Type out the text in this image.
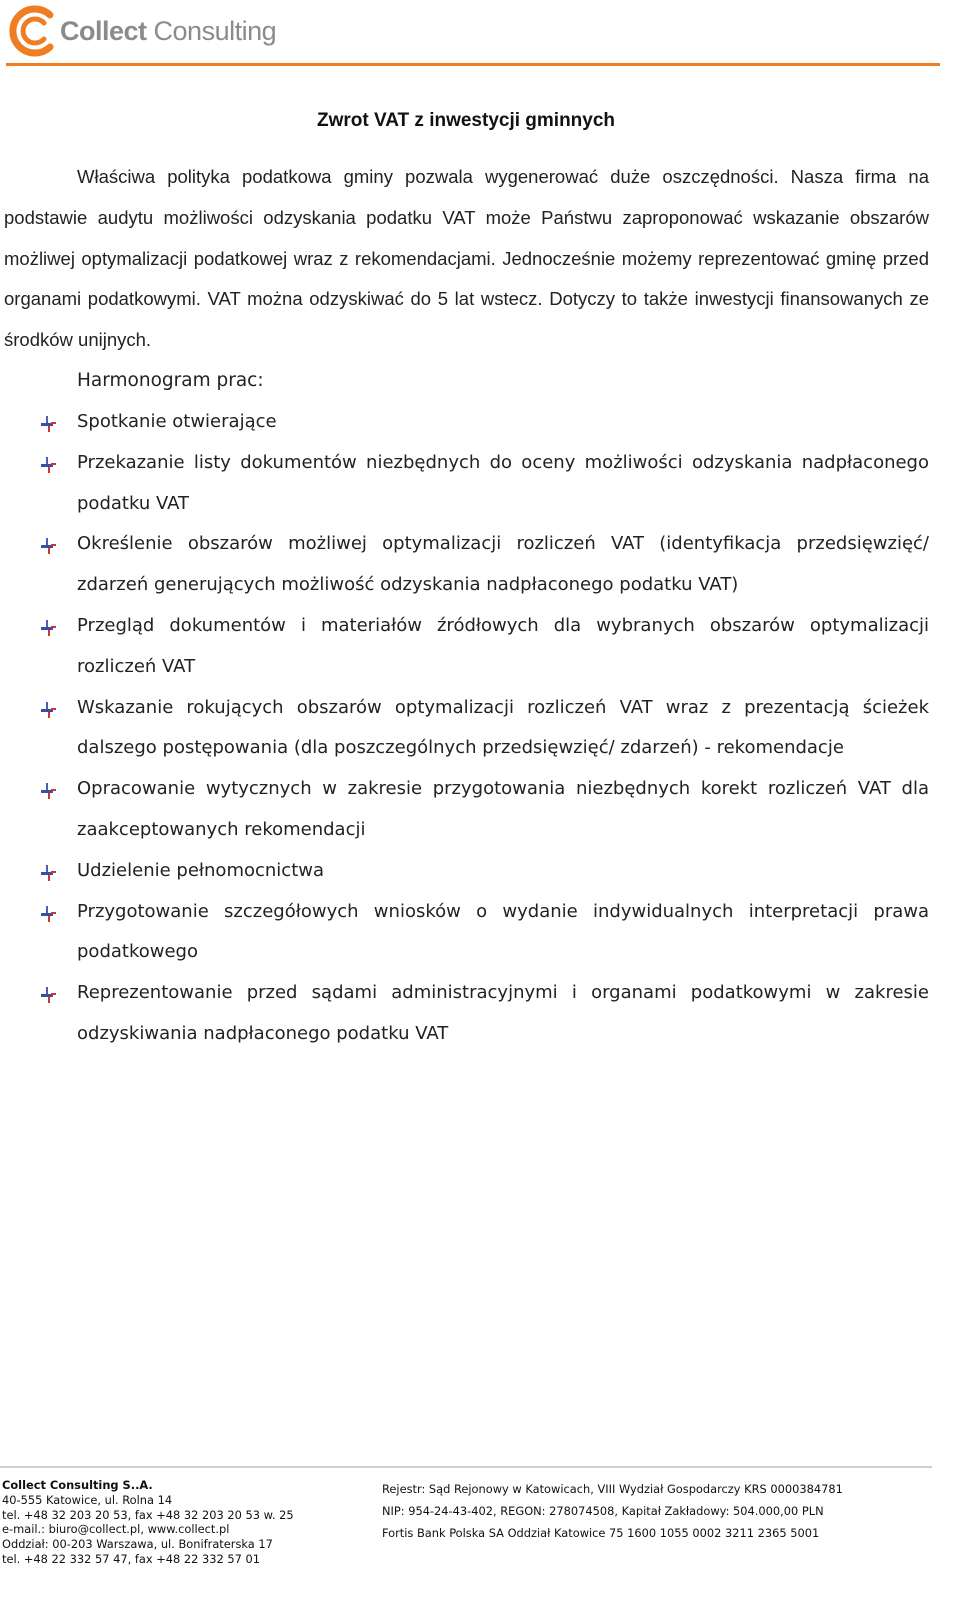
Collect Consulting
Zwrot VAT z inwestycji gminnych

Właściwa polityka podatkowa gminy pozwala wygenerować duże oszczędności. Nasza firma na podstawie audytu możliwości odzyskania podatku VAT może Państwu zaproponować wskazanie obszarów możliwej optymalizacji podatkowej wraz z rekomendacjami. Jednocześnie możemy reprezentować gminę przed organami podatkowymi. VAT można odzyskiwać do 5 lat wstecz. Dotyczy to także inwestycji finansowanych ze środków unijnych.

Harmonogram prac:
Spotkanie otwierające
Przekazanie listy dokumentów niezbędnych do oceny możliwości odzyskania nadpłaconego podatku VAT
Określenie obszarów możliwej optymalizacji rozliczeń VAT (identyfikacja przedsięwzięć/ zdarzeń generujących możliwość odzyskania nadpłaconego podatku VAT)
Przegląd dokumentów i materiałów źródłowych dla wybranych obszarów optymalizacji rozliczeń VAT
Wskazanie rokujących obszarów optymalizacji rozliczeń VAT wraz z prezentacją ścieżek dalszego postępowania (dla poszczególnych przedsięwzięć/ zdarzeń) - rekomendacje
Opracowanie wytycznych w zakresie przygotowania niezbędnych korekt rozliczeń VAT dla zaakceptowanych rekomendacji
Udzielenie pełnomocnictwa
Przygotowanie szczegółowych wniosków o wydanie indywidualnych interpretacji prawa podatkowego
Reprezentowanie przed sądami administracyjnymi i organami podatkowymi w zakresie odzyskiwania nadpłaconego podatku VAT
Collect Consulting S..A.
40-555 Katowice, ul. Rolna 14
tel. +48 32 203 20 53, fax +48 32 203 20 53 w. 25
e-mail.: biuro@collect.pl, www.collect.pl
Oddział: 00-203 Warszawa, ul. Bonifraterska 17
tel. +48 22 332 57 47, fax +48 22 332 57 01
Rejestr: Sąd Rejonowy w Katowicach, VIII Wydział Gospodarczy KRS 0000384781
NIP: 954-24-43-402, REGON: 278074508, Kapitał Zakładowy: 504.000,00 PLN
Fortis Bank Polska SA Oddział Katowice 75 1600 1055 0002 3211 2365 5001
